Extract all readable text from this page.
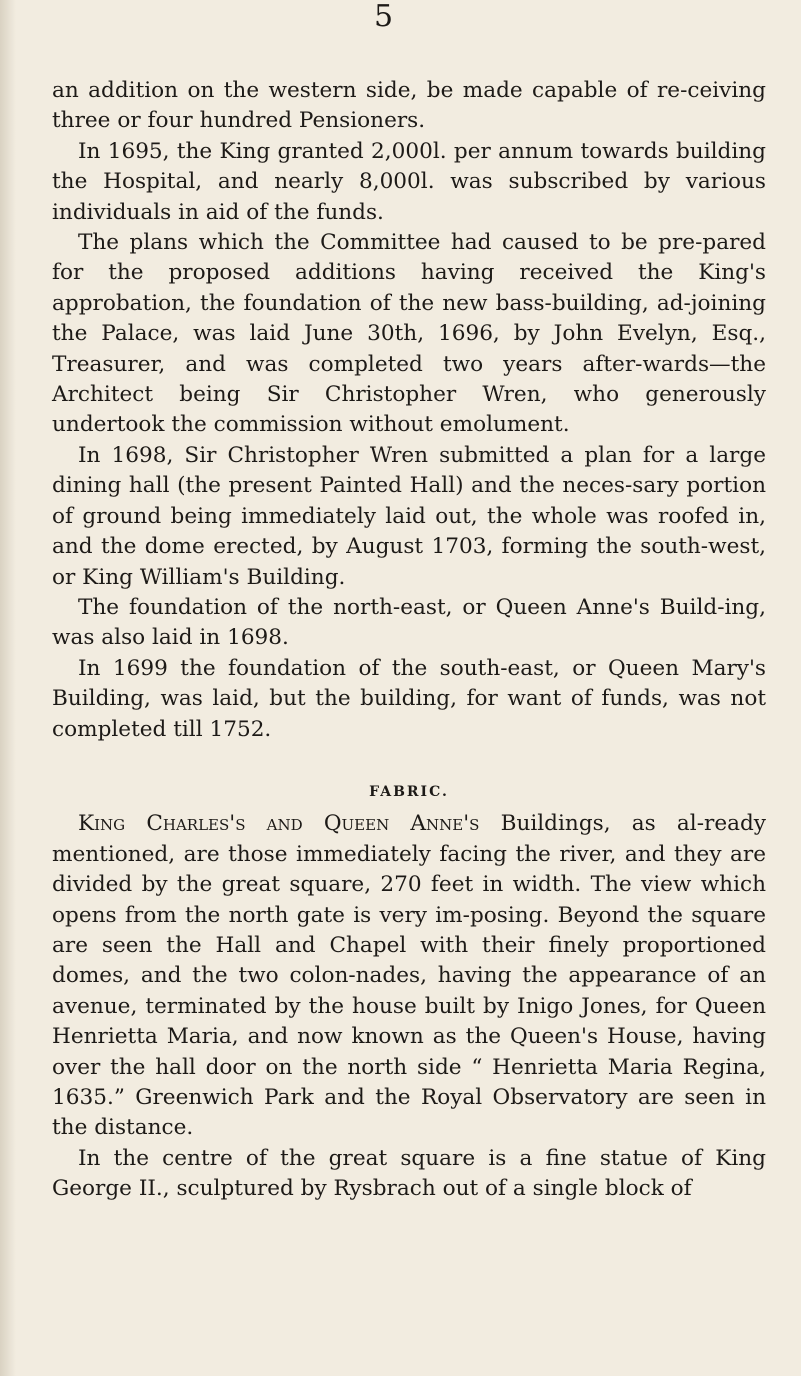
5

an addition on the western side, be made capable of re-ceiving three or four hundred Pensioners.

In 1695, the King granted 2,000l. per annum towards building the Hospital, and nearly 8,000l. was subscribed by various individuals in aid of the funds.

The plans which the Committee had caused to be pre-pared for the proposed additions having received the King's approbation, the foundation of the new bass-building, ad-joining the Palace, was laid June 30th, 1696, by John Evelyn, Esq., Treasurer, and was completed two years after-wards—the Architect being Sir Christopher Wren, who generously undertook the commission without emolument.

In 1698, Sir Christopher Wren submitted a plan for a large dining hall (the present Painted Hall) and the neces-sary portion of ground being immediately laid out, the whole was roofed in, and the dome erected, by August 1703, forming the south-west, or King William's Building.

The foundation of the north-east, or Queen Anne's Build-ing, was also laid in 1698.

In 1699 the foundation of the south-east, or Queen Mary's Building, was laid, but the building, for want of funds, was not completed till 1752.

FABRIC.

King Charles's and Queen Anne's Buildings, as al-ready mentioned, are those immediately facing the river, and they are divided by the great square, 270 feet in width. The view which opens from the north gate is very im-posing. Beyond the square are seen the Hall and Chapel with their finely proportioned domes, and the two colon-nades, having the appearance of an avenue, terminated by the house built by Inigo Jones, for Queen Henrietta Maria, and now known as the Queen's House, having over the hall door on the north side “ Henrietta Maria Regina, 1635.” Greenwich Park and the Royal Observatory are seen in the distance.

In the centre of the great square is a fine statue of King George II., sculptured by Rysbrach out of a single block of
